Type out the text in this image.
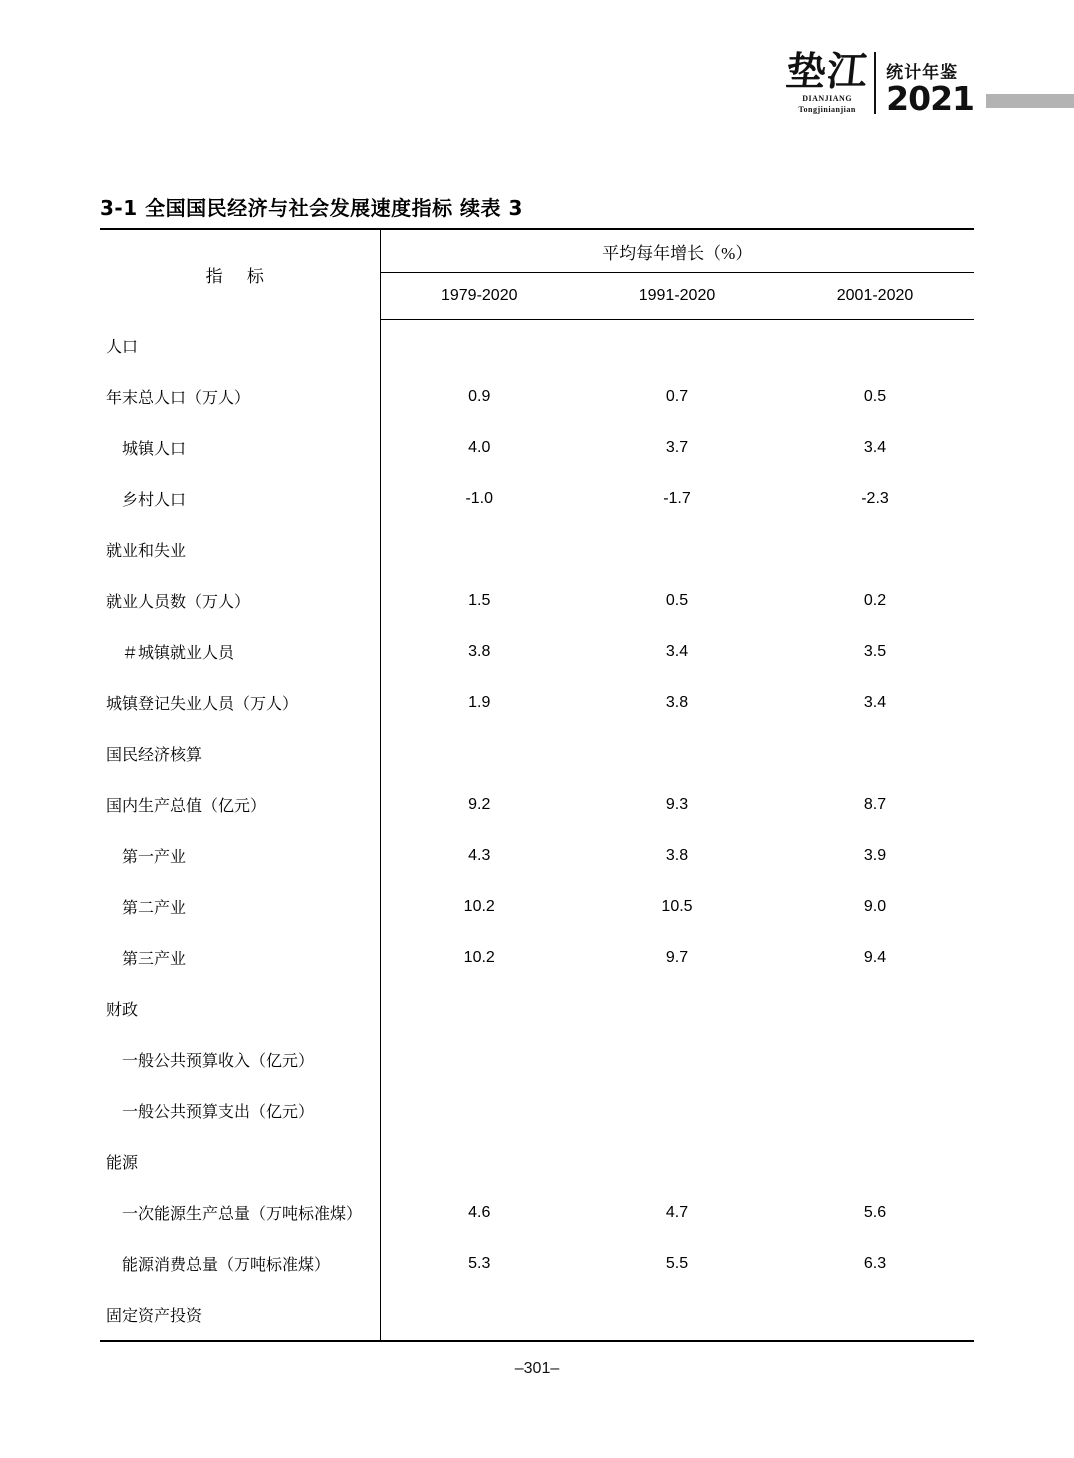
垫江
DIANJIANG
Tongjinianjian
统计年鉴
2021
3-1 全国国民经济与社会发展速度指标 续表 3
指 标	平均每年增长（%）		
	1979-2020	1991-2020	2001-2020
人口			
年末总人口（万人）	0.9	0.7	0.5
城镇人口	4.0	3.7	3.4
乡村人口	-1.0	-1.7	-2.3
就业和失业			
就业人员数（万人）	1.5	0.5	0.2
＃城镇就业人员	3.8	3.4	3.5
城镇登记失业人员（万人）	1.9	3.8	3.4
国民经济核算			
国内生产总值（亿元）	9.2	9.3	8.7
第一产业	4.3	3.8	3.9
第二产业	10.2	10.5	9.0
第三产业	10.2	9.7	9.4
财政			
一般公共预算收入（亿元）			
一般公共预算支出（亿元）			
能源			
一次能源生产总量（万吨标准煤）	4.6	4.7	5.6
能源消费总量（万吨标准煤）	5.3	5.5	6.3
固定资产投资			

–301–
